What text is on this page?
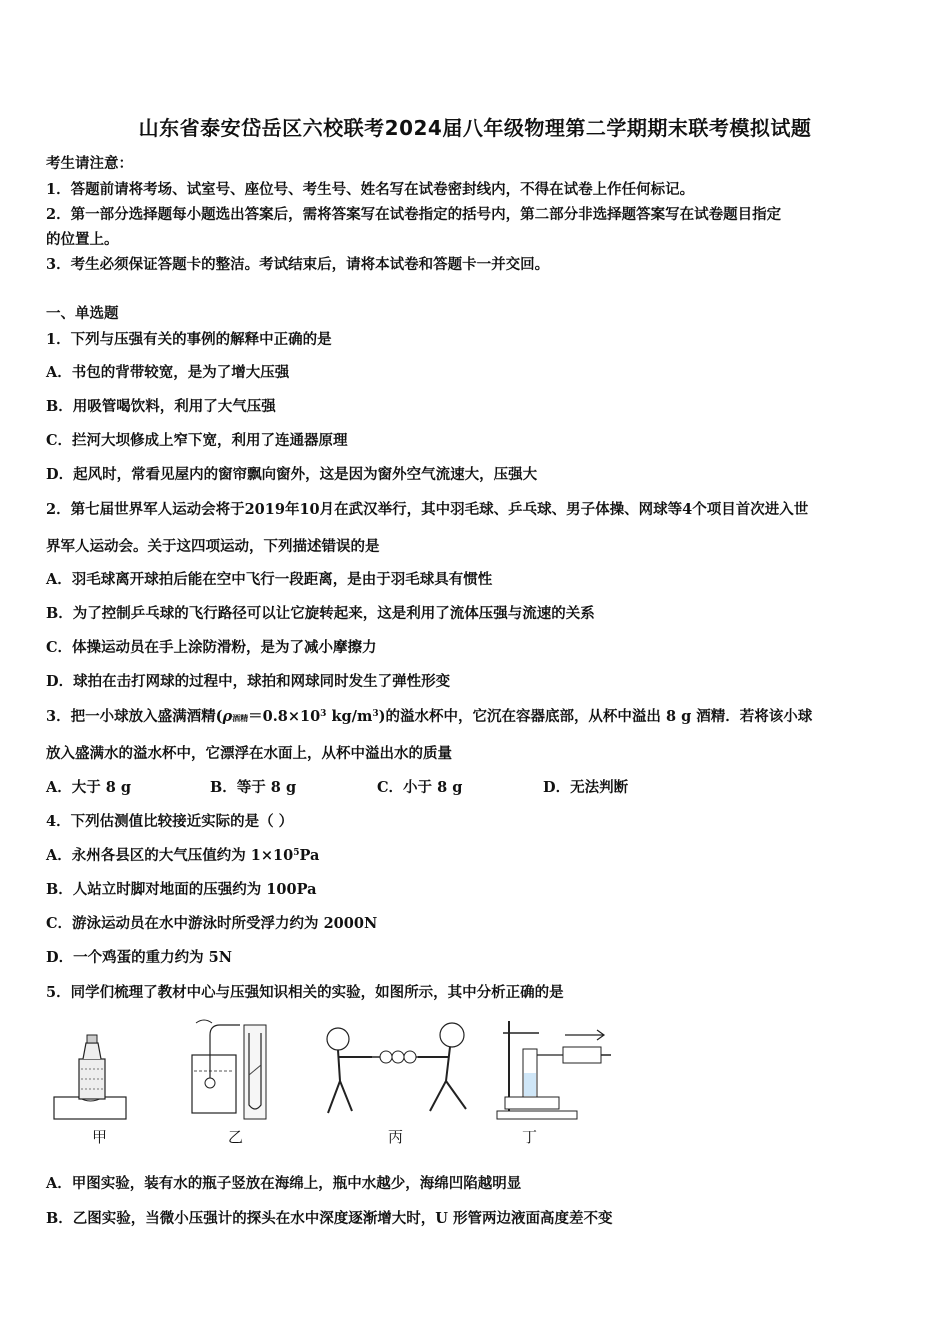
山东省泰安岱岳区六校联考2024届八年级物理第二学期期末联考模拟试题
考生请注意：
1．答题前请将考场、试室号、座位号、考生号、姓名写在试卷密封线内，不得在试卷上作任何标记。
2．第一部分选择题每小题选出答案后，需将答案写在试卷指定的括号内，第二部分非选择题答案写在试卷题目指定
的位置上。
3．考生必须保证答题卡的整洁。考试结束后，请将本试卷和答题卡一并交回。
一、单选题
1．下列与压强有关的事例的解释中正确的是
A．书包的背带较宽，是为了增大压强
B．用吸管喝饮料，利用了大气压强
C．拦河大坝修成上窄下宽，利用了连通器原理
D．起风时，常看见屋内的窗帘飘向窗外，这是因为窗外空气流速大，压强大
2．第七届世界军人运动会将于2019年10月在武汉举行，其中羽毛球、乒乓球、男子体操、网球等4个项目首次进入世
界军人运动会。关于这四项运动，下列描述错误的是
A．羽毛球离开球拍后能在空中飞行一段距离，是由于羽毛球具有惯性
B．为了控制乒乓球的飞行路径可以让它旋转起来，这是利用了流体压强与流速的关系
C．体操运动员在手上涂防滑粉，是为了减小摩擦力
D．球拍在击打网球的过程中，球拍和网球同时发生了弹性形变
3．把一小球放入盛满酒精(ρ酒精$=0.8\times 10^3$ $kg/m^3$)的溢水杯中，它沉在容器底部，从杯中溢出 8 g 酒精．若将该小球
放入盛满水的溢水杯中，它漂浮在水面上，从杯中溢出水的质量
A．大于 8 g	B．等于 8 g	C．小于 8 g	D．无法判断
4．下列估测值比较接近实际的是（ ）
A．永州各县区的大气压值约为 $1\times 10^5Pa$
B．人站立时脚对地面的压强约为 100Pa
C．游泳运动员在水中游泳时所受浮力约为 2000N
D．一个鸡蛋的重力约为 5N
5．同学们梳理了教材中心与压强知识相关的实验，如图所示，其中分析正确的是
甲	乙	丙	丁
A．甲图实验，装有水的瓶子竖放在海绵上，瓶中水越少，海绵凹陷越明显
B．乙图实验，当微小压强计的探头在水中深度逐渐增大时，U 形管两边液面高度差不变
